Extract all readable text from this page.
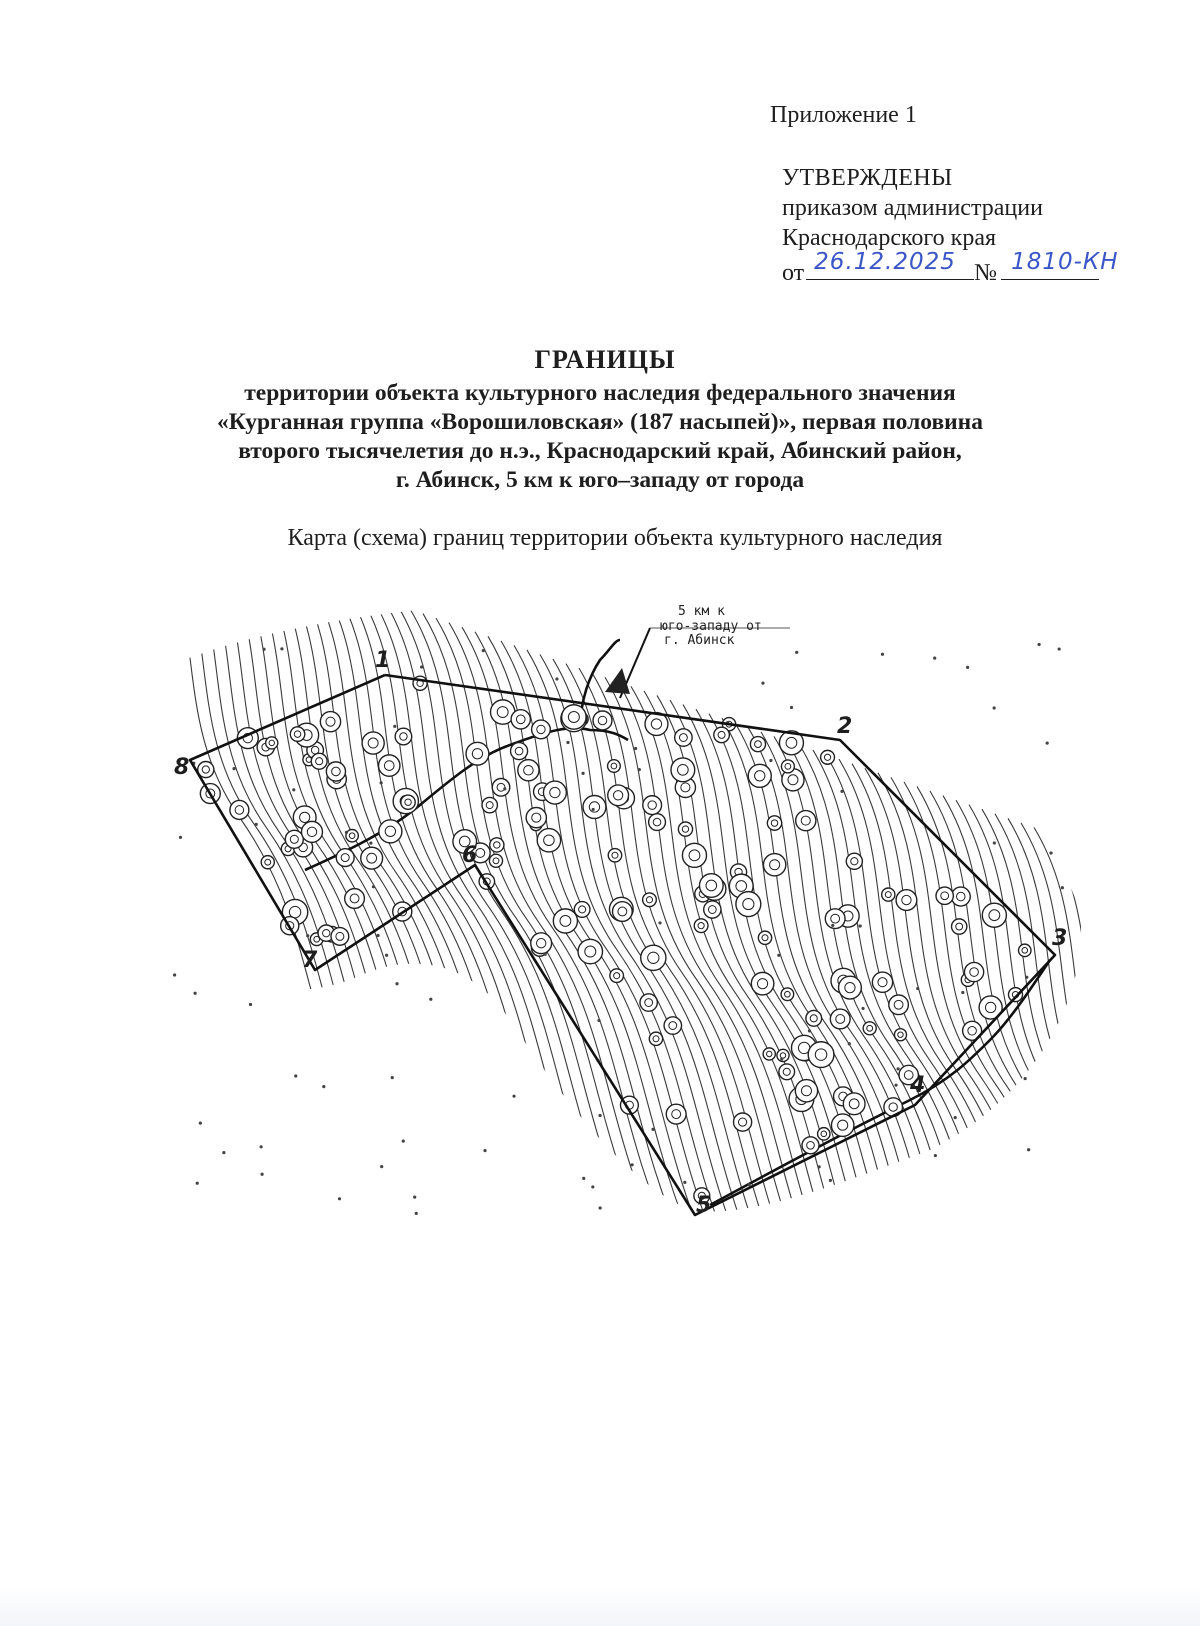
Приложение 1
УТВЕРЖДЕНЫ
приказом администрации
Краснодарского края
от 26.12.2025 № 1810-КН
ГРАНИЦЫ
территории объекта культурного наследия федерального значения
«Курганная группа «Ворошиловская» (187 насыпей)», первая половина
второго тысячелетия до н.э., Краснодарский край, Абинский район,
г. Абинск, 5 км к юго–западу от города
Карта (схема) границ территории объекта культурного наследия
5 км к
юго-западу от
г. Абинск
1
2
3
4
5
6
7
8
